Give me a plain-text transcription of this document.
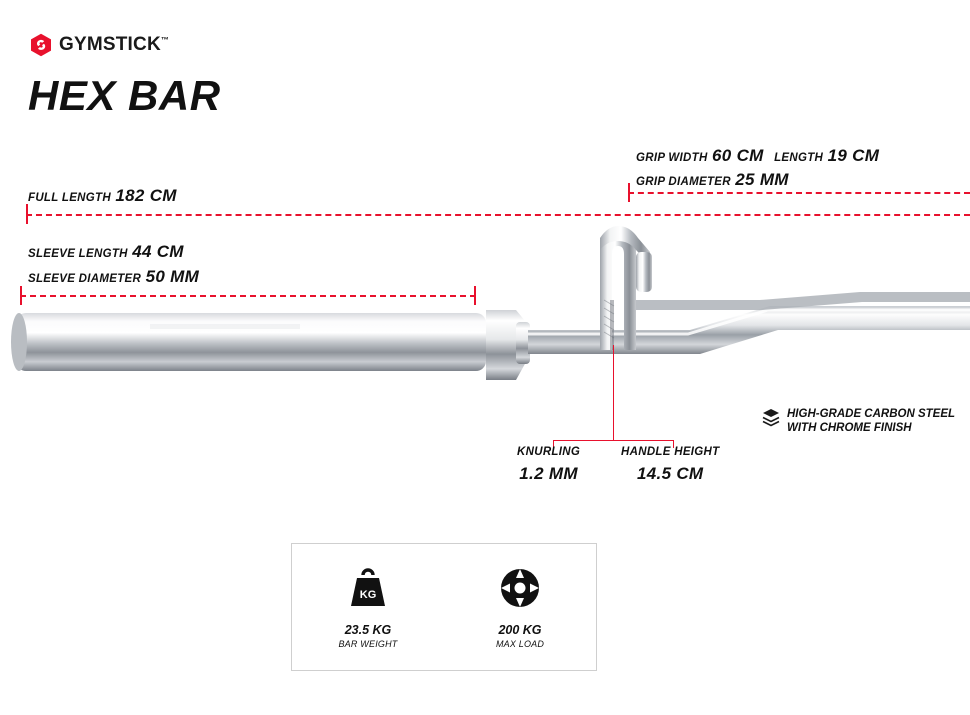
GYMSTICK™
HEX BAR
FULL LENGTH 182 CM
SLEEVE LENGTH 44 CM
SLEEVE DIAMETER 50 MM
GRIP WIDTH 60 CM LENGTH 19 CM
GRIP DIAMETER 25 MM
KNURLING
1.2 MM
HANDLE HEIGHT
14.5 CM
HIGH-GRADE CARBON STEEL
WITH CHROME FINISH
KG
23.5 KG
BAR WEIGHT
200 KG
MAX LOAD
